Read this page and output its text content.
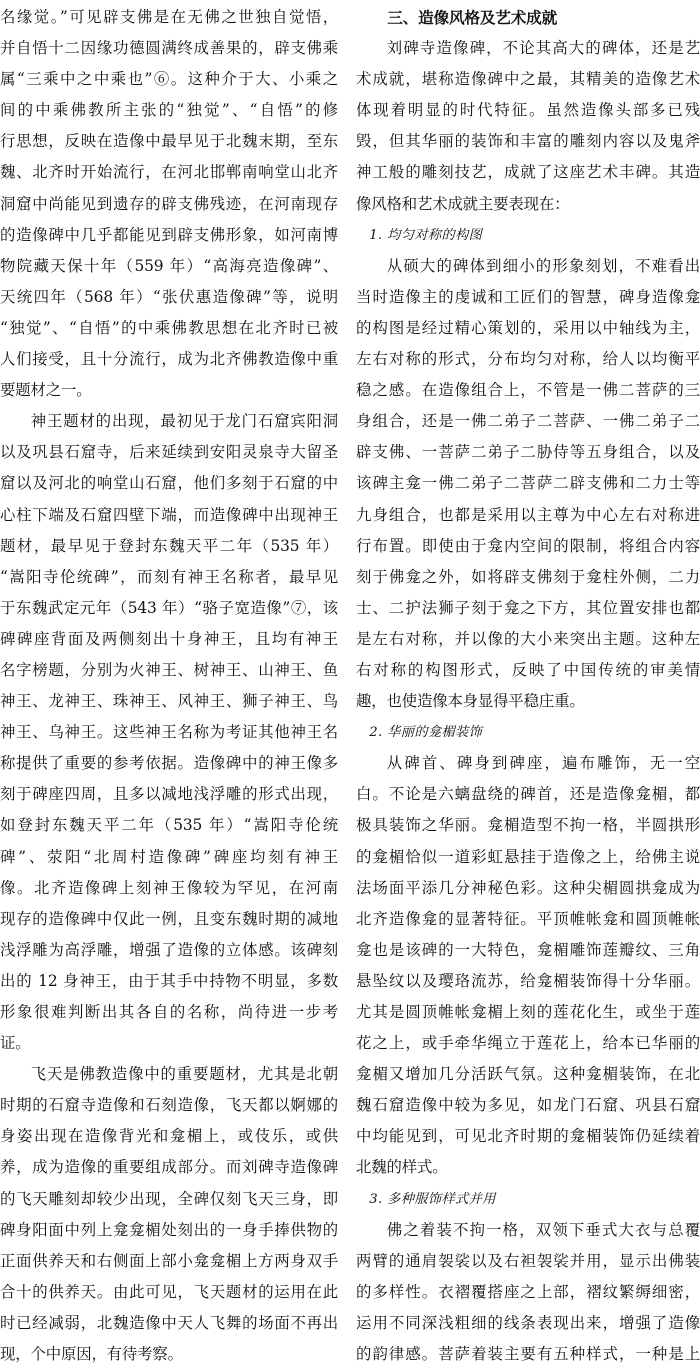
名缘觉。”可见辟支佛是在无佛之世独自觉悟，
并自悟十二因缘功德圆满终成善果的，辟支佛乘
属“三乘中之中乘也”⑥。这种介于大、小乘之
间的中乘佛教所主张的“独觉”、“自悟”的修
行思想，反映在造像中最早见于北魏末期，至东
魏、北齐时开始流行，在河北邯郸南响堂山北齐
洞窟中尚能见到遗存的辟支佛残迹，在河南现存
的造像碑中几乎都能见到辟支佛形象，如河南博
物院藏天保十年（559 年）“高海亮造像碑”、
天统四年（568 年）“张伏惠造像碑”等，说明
“独觉”、“自悟”的中乘佛教思想在北齐时已被
人们接受，且十分流行，成为北齐佛教造像中重
要题材之一。
神王题材的出现，最初见于龙门石窟宾阳洞
以及巩县石窟寺，后来延续到安阳灵泉寺大留圣
窟以及河北的响堂山石窟，他们多刻于石窟的中
心柱下端及石窟四壁下端，而造像碑中出现神王
题材，最早见于登封东魏天平二年（535 年）
“嵩阳寺伦统碑”，而刻有神王名称者，最早见
于东魏武定元年（543 年）“骆子宽造像”⑦，该
碑碑座背面及两侧刻出十身神王，且均有神王
名字榜题，分别为火神王、树神王、山神王、鱼
神王、龙神王、珠神王、风神王、狮子神王、鸟
神王、乌神王。这些神王名称为考证其他神王名
称提供了重要的参考依据。造像碑中的神王像多
刻于碑座四周，且多以减地浅浮雕的形式出现，
如登封东魏天平二年（535 年）“嵩阳寺伦统
碑”、荥阳“北周村造像碑”碑座均刻有神王
像。北齐造像碑上刻神王像较为罕见，在河南
现存的造像碑中仅此一例，且变东魏时期的减地
浅浮雕为高浮雕，增强了造像的立体感。该碑刻
出的 12 身神王，由于其手中持物不明显，多数
形象很难判断出其各自的名称，尚待进一步考
证。
飞天是佛教造像中的重要题材，尤其是北朝
时期的石窟寺造像和石刻造像，飞天都以婀娜的
身姿出现在造像背光和龛楣上，或伎乐，或供
养，成为造像的重要组成部分。而刘碑寺造像碑
的飞天雕刻却较少出现，全碑仅刻飞天三身，即
碑身阳面中列上龛龛楣处刻出的一身手捧供物的
正面供养天和右侧面上部小龛龛楣上方两身双手
合十的供养天。由此可见，飞天题材的运用在此
时已经减弱，北魏造像中天人飞舞的场面不再出
现，个中原因，有待考察。
三、造像风格及艺术成就
刘碑寺造像碑，不论其高大的碑体，还是艺
术成就，堪称造像碑中之最，其精美的造像艺术
体现着明显的时代特征。虽然造像头部多已残
毁，但其华丽的装饰和丰富的雕刻内容以及鬼斧
神工般的雕刻技艺，成就了这座艺术丰碑。其造
像风格和艺术成就主要表现在：
1. 均匀对称的构图
从硕大的碑体到细小的形象刻划，不难看出
当时造像主的虔诚和工匠们的智慧，碑身造像龛
的构图是经过精心策划的，采用以中轴线为主，
左右对称的形式，分布均匀对称，给人以均衡平
稳之感。在造像组合上，不管是一佛二菩萨的三
身组合，还是一佛二弟子二菩萨、一佛二弟子二
辟支佛、一菩萨二弟子二胁侍等五身组合，以及
该碑主龛一佛二弟子二菩萨二辟支佛和二力士等
九身组合，也都是采用以主尊为中心左右对称进
行布置。即使由于龛内空间的限制，将组合内容
刻于佛龛之外，如将辟支佛刻于龛柱外侧，二力
士、二护法狮子刻于龛之下方，其位置安排也都
是左右对称，并以像的大小来突出主题。这种左
右对称的构图形式，反映了中国传统的审美情
趣，也使造像本身显得平稳庄重。
2. 华丽的龛楣装饰
从碑首、碑身到碑座，遍布雕饰，无一空
白。不论是六螭盘绕的碑首，还是造像龛楣，都
极具装饰之华丽。龛楣造型不拘一格，半圆拱形
的龛楣恰似一道彩虹悬挂于造像之上，给佛主说
法场面平添几分神秘色彩。这种尖楣圆拱龛成为
北齐造像龛的显著特征。平顶帷帐龛和圆顶帷帐
龛也是该碑的一大特色，龛楣雕饰莲瓣纹、三角
悬坠纹以及璎珞流苏，给龛楣装饰得十分华丽。
尤其是圆顶帷帐龛楣上刻的莲花化生，或坐于莲
花之上，或手牵华绳立于莲花上，给本已华丽的
龛楣又增加几分活跃气氛。这种龛楣装饰，在北
魏石窟造像中较为多见，如龙门石窟、巩县石窟
中均能见到，可见北齐时期的龛楣装饰仍延续着
北魏的样式。
3. 多种服饰样式并用
佛之着装不拘一格，双领下垂式大衣与总覆
两臂的通肩袈裟以及右袒袈裟并用，显示出佛装
的多样性。衣褶覆搭座之上部，褶纹繁缛细密，
运用不同深浅粗细的线条表现出来，增强了造像
的韵律感。菩萨着装主要有五种样式，一种是上
